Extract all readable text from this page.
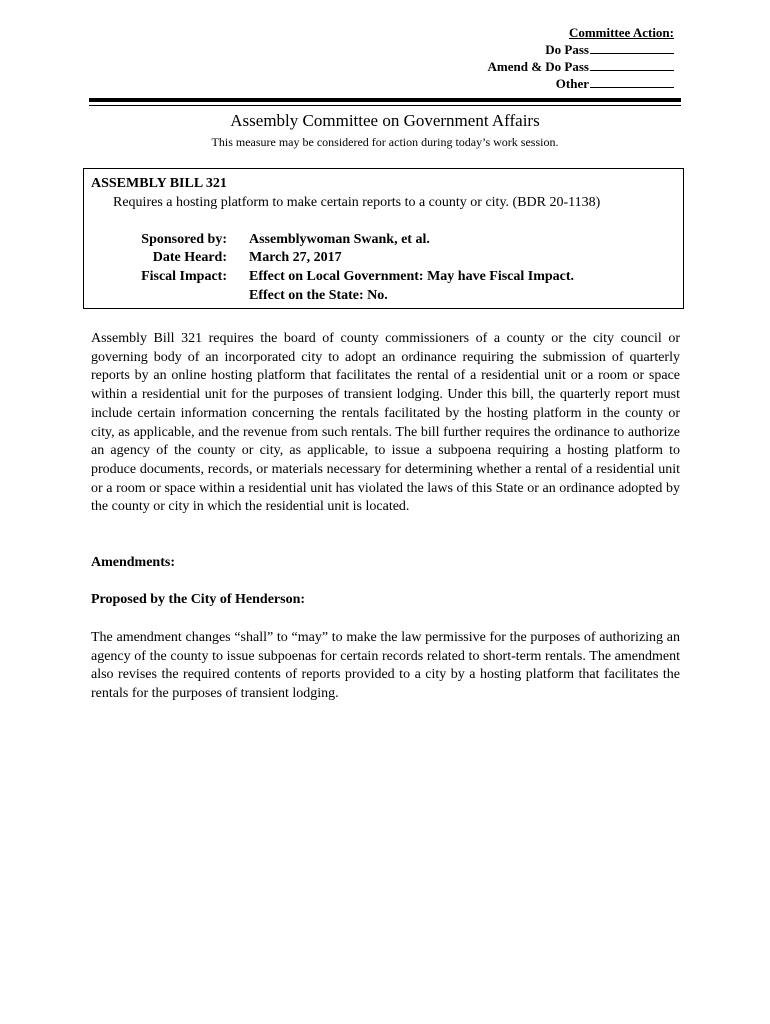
Committee Action:
Do Pass
Amend & Do Pass
Other
Assembly Committee on Government Affairs
This measure may be considered for action during today’s work session.
ASSEMBLY BILL 321
Requires a hosting platform to make certain reports to a county or city. (BDR 20-1138)
Sponsored by: Assemblywoman Swank, et al.
Date Heard: March 27, 2017
Fiscal Impact: Effect on Local Government: May have Fiscal Impact.
Effect on the State: No.

Assembly Bill 321 requires the board of county commissioners of a county or the city council or governing body of an incorporated city to adopt an ordinance requiring the submission of quarterly reports by an online hosting platform that facilitates the rental of a residential unit or a room or space within a residential unit for the purposes of transient lodging. Under this bill, the quarterly report must include certain information concerning the rentals facilitated by the hosting platform in the county or city, as applicable, and the revenue from such rentals. The bill further requires the ordinance to authorize an agency of the county or city, as applicable, to issue a subpoena requiring a hosting platform to produce documents, records, or materials necessary for determining whether a rental of a residential unit or a room or space within a residential unit has violated the laws of this State or an ordinance adopted by the county or city in which the residential unit is located.

Amendments:
Proposed by the City of Henderson:

The amendment changes “shall” to “may” to make the law permissive for the purposes of authorizing an agency of the county to issue subpoenas for certain records related to short-term rentals. The amendment also revises the required contents of reports provided to a city by a hosting platform that facilitates the rentals for the purposes of transient lodging.
